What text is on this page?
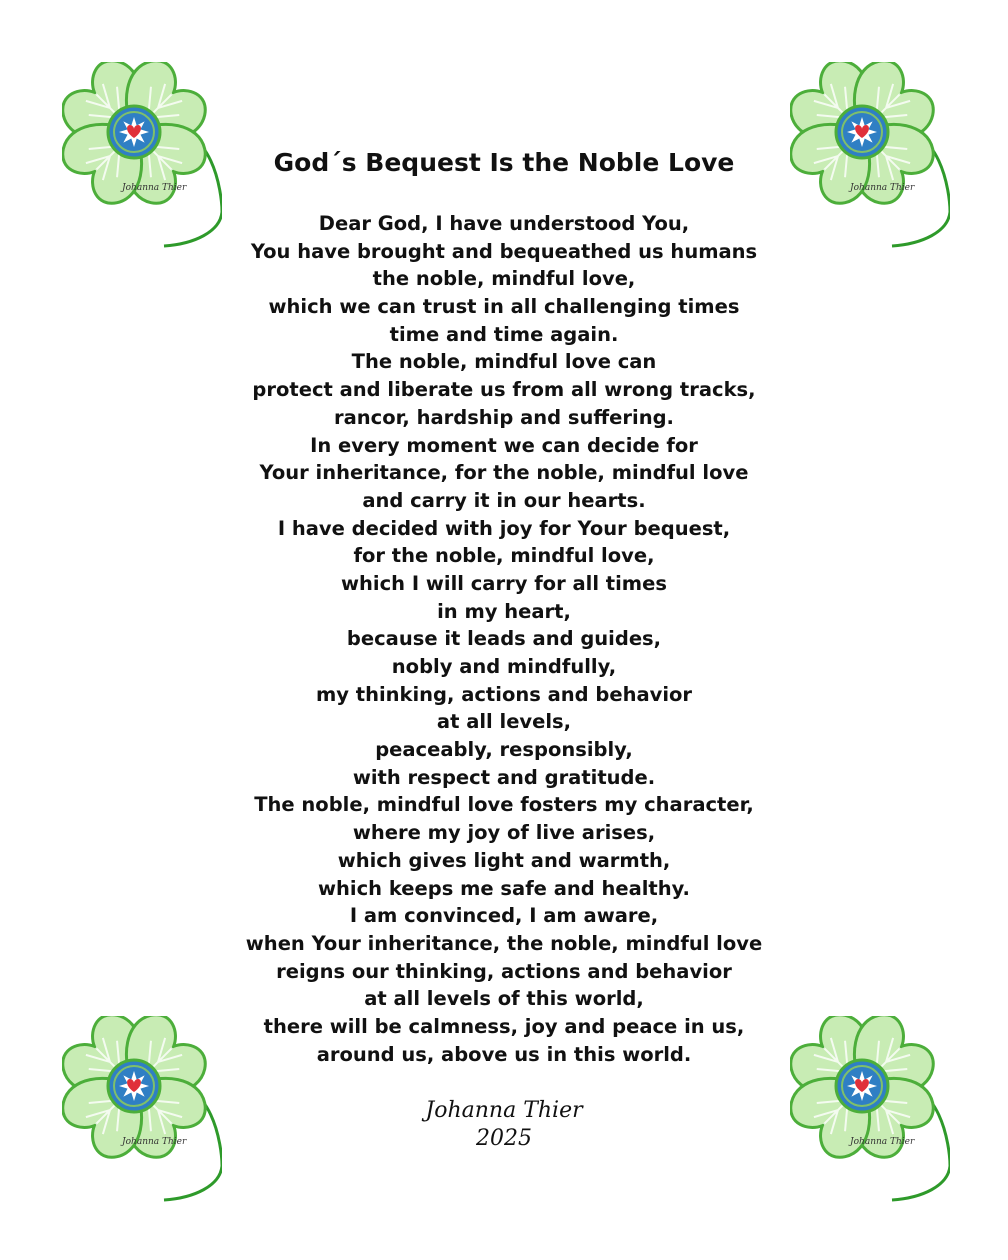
Johanna Thier	Johanna Thier
Johanna Thier	Johanna Thier
God´s Bequest Is the Noble Love
Dear God, I have understood You,
You have brought and bequeathed us humans
the noble, mindful love,
which we can trust in all challenging times
time and time again.
The noble, mindful love can
protect and liberate us from all wrong tracks,
rancor, hardship and suffering.
In every moment we can decide for
Your inheritance, for the noble, mindful love
and carry it in our hearts.
I have decided with joy for Your bequest,
for the noble, mindful love,
which I will carry for all times
in my heart,
because it leads and guides,
nobly and mindfully,
my thinking, actions and behavior
at all levels,
peaceably, responsibly,
with respect and gratitude.
The noble, mindful love fosters my character,
where my joy of live arises,
which gives light and warmth,
which keeps me safe and healthy.
I am convinced, I am aware,
when Your inheritance, the noble, mindful love
reigns our thinking, actions and behavior
at all levels of this world,
there will be calmness, joy and peace in us,
around us, above us in this world.
Johanna Thier
2025
